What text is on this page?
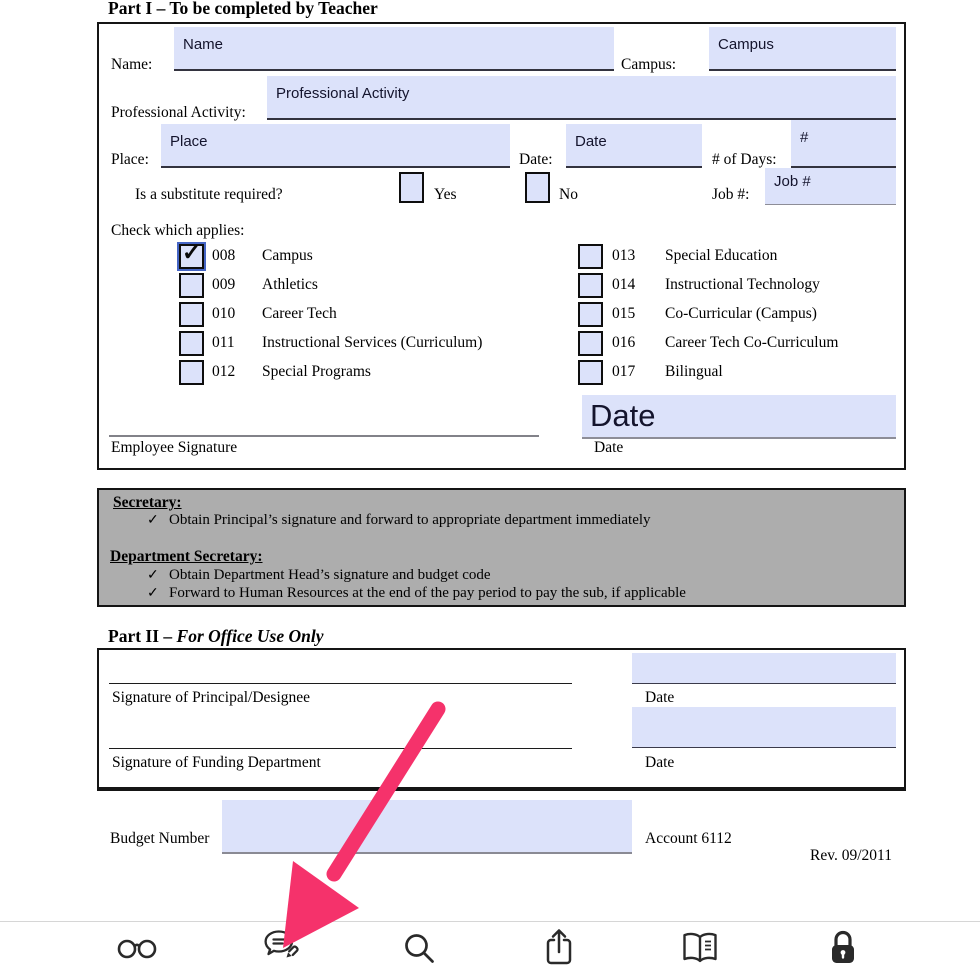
Part I – To be completed by Teacher
Name:
Name
Campus:
Campus
Professional Activity:
Professional Activity
Place:
Place
Date:
Date
# of Days:
#
Is a substitute required?	Yes	No	Job #:
Job #
Check which applies:
✓ 008 Campus
009 Athletics
010 Career Tech
011 Instructional Services (Curriculum)
012 Special Programs
013 Special Education
014 Instructional Technology
015 Co-Curricular (Campus)
016 Career Tech Co-Curriculum
017 Bilingual
Date
Employee Signature	Date
Secretary:
✓ Obtain Principal’s signature and forward to appropriate department immediately
Department Secretary:
✓ Obtain Department Head’s signature and budget code
✓ Forward to Human Resources at the end of the pay period to pay the sub, if applicable
Part II – For Office Use Only
Signature of Principal/Designee	Date
Signature of Funding Department	Date
Budget Number	Account 6112
Rev. 09/2011
